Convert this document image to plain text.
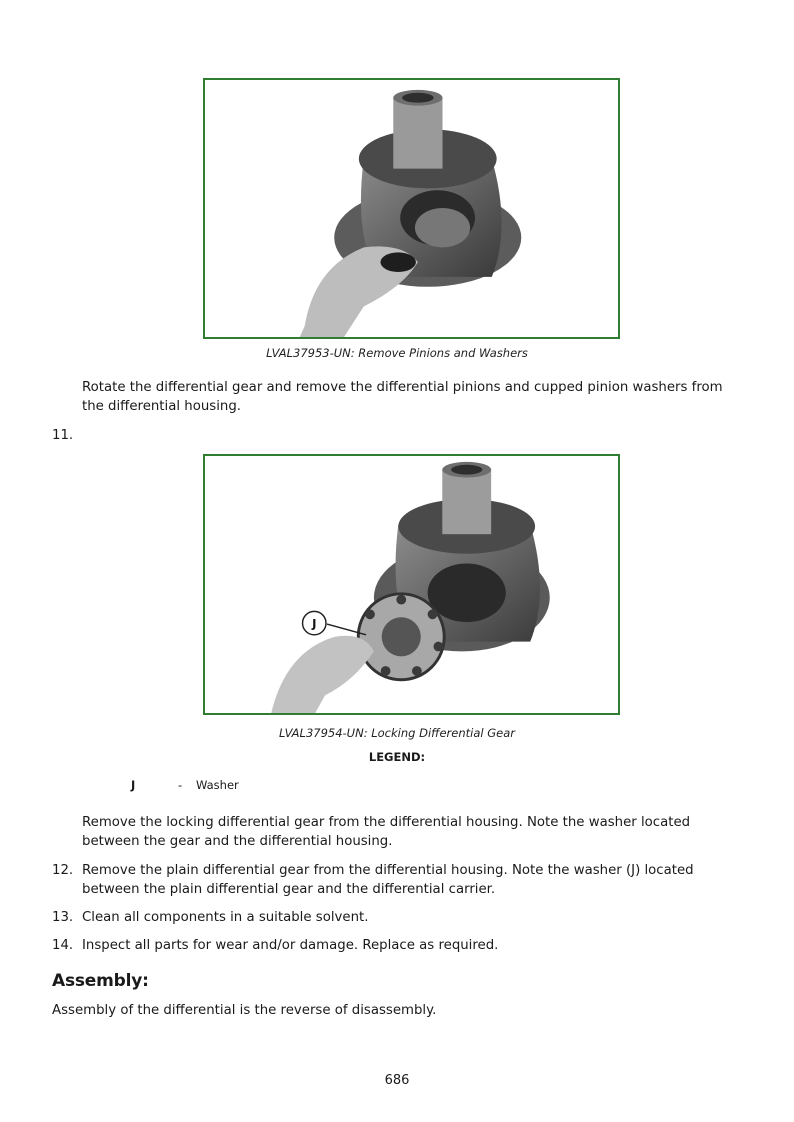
LVAL37953-UN: Remove Pinions and Washers
Rotate the differential gear and remove the differential pinions and cupped pinion washers from the differential housing.
11.
J
LVAL37954-UN: Locking Differential Gear
LEGEND:
J	- Washer
Remove the locking differential gear from the differential housing. Note the washer located between the gear and the differential housing.
12. Remove the plain differential gear from the differential housing. Note the washer (J) located between the plain differential gear and the differential carrier.
13. Clean all components in a suitable solvent.
14. Inspect all parts for wear and/or damage. Replace as required.
Assembly:
Assembly of the differential is the reverse of disassembly.
686
